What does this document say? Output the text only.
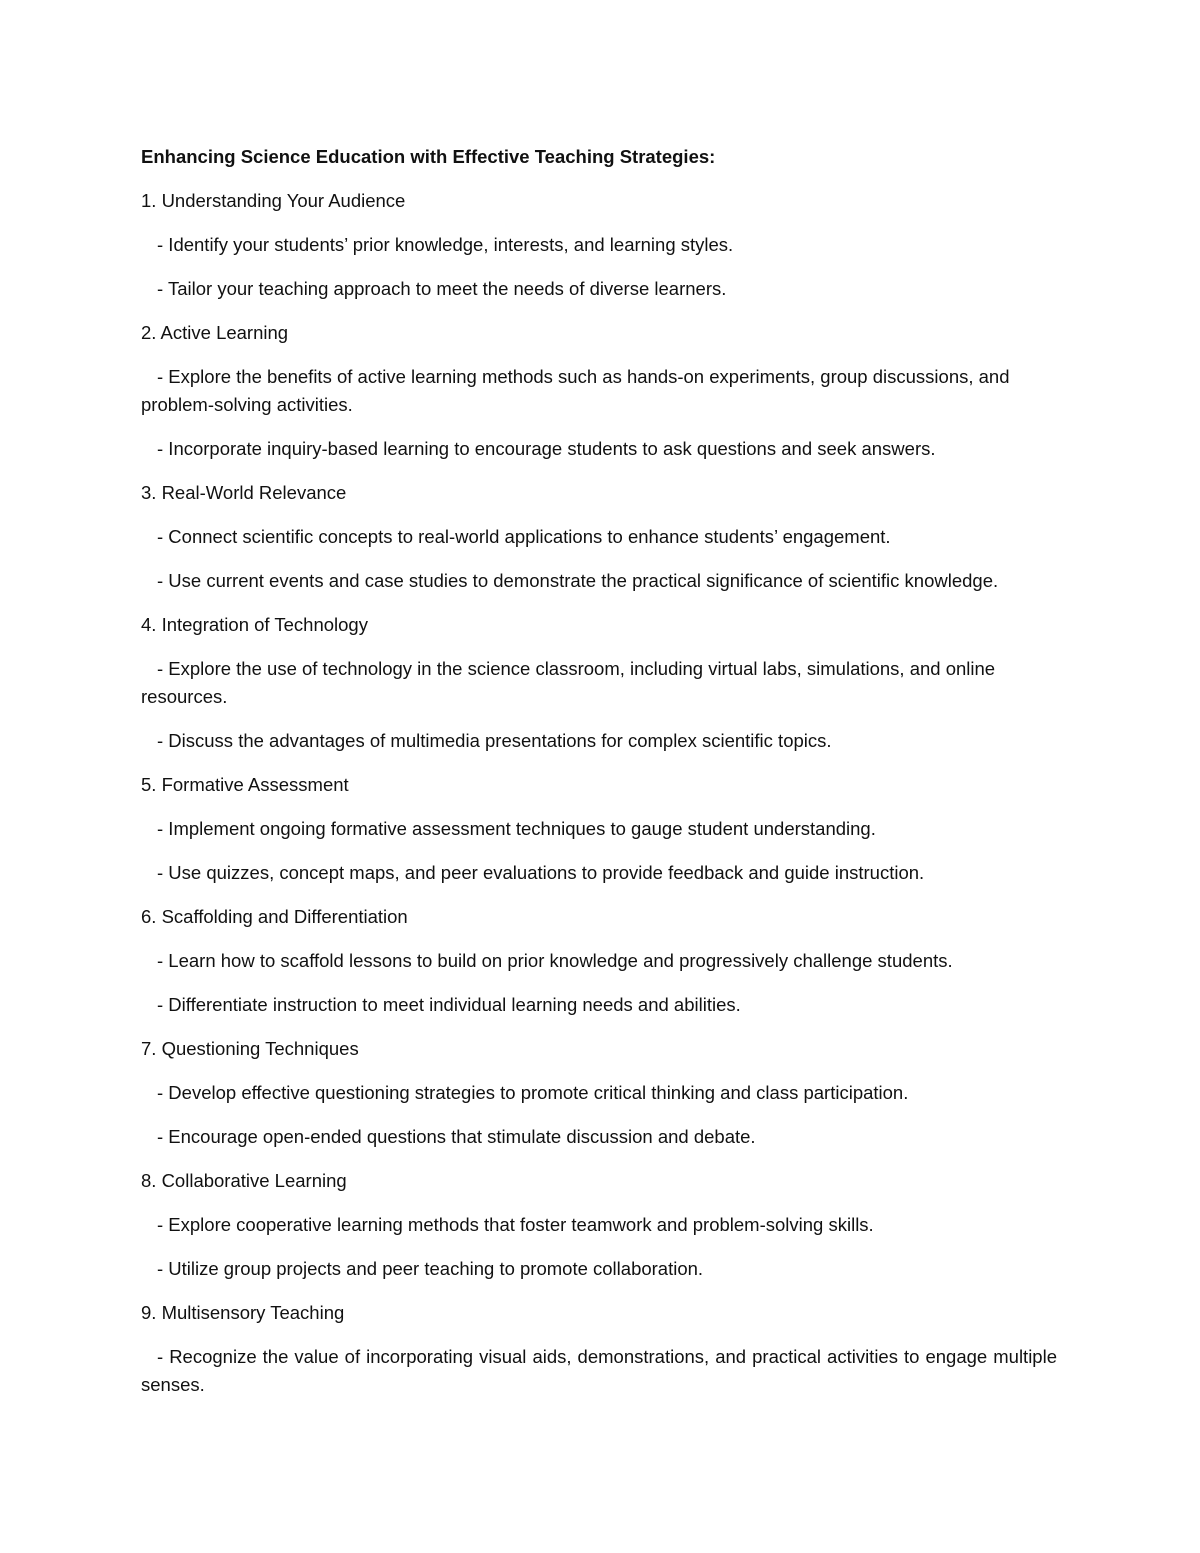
Enhancing Science Education with Effective Teaching Strategies:

1. Understanding Your Audience

- Identify your students’ prior knowledge, interests, and learning styles.

- Tailor your teaching approach to meet the needs of diverse learners.

2. Active Learning

- Explore the benefits of active learning methods such as hands-on experiments, group discussions, and problem-solving activities.

- Incorporate inquiry-based learning to encourage students to ask questions and seek answers.

3. Real-World Relevance

- Connect scientific concepts to real-world applications to enhance students’ engagement.

- Use current events and case studies to demonstrate the practical significance of scientific knowledge.

4. Integration of Technology

- Explore the use of technology in the science classroom, including virtual labs, simulations, and online resources.

- Discuss the advantages of multimedia presentations for complex scientific topics.

5. Formative Assessment

- Implement ongoing formative assessment techniques to gauge student understanding.

- Use quizzes, concept maps, and peer evaluations to provide feedback and guide instruction.

6. Scaffolding and Differentiation

- Learn how to scaffold lessons to build on prior knowledge and progressively challenge students.

- Differentiate instruction to meet individual learning needs and abilities.

7. Questioning Techniques

- Develop effective questioning strategies to promote critical thinking and class participation.

- Encourage open-ended questions that stimulate discussion and debate.

8. Collaborative Learning

- Explore cooperative learning methods that foster teamwork and problem-solving skills.

- Utilize group projects and peer teaching to promote collaboration.

9. Multisensory Teaching

- Recognize the value of incorporating visual aids, demonstrations, and practical activities to engage multiple senses.
